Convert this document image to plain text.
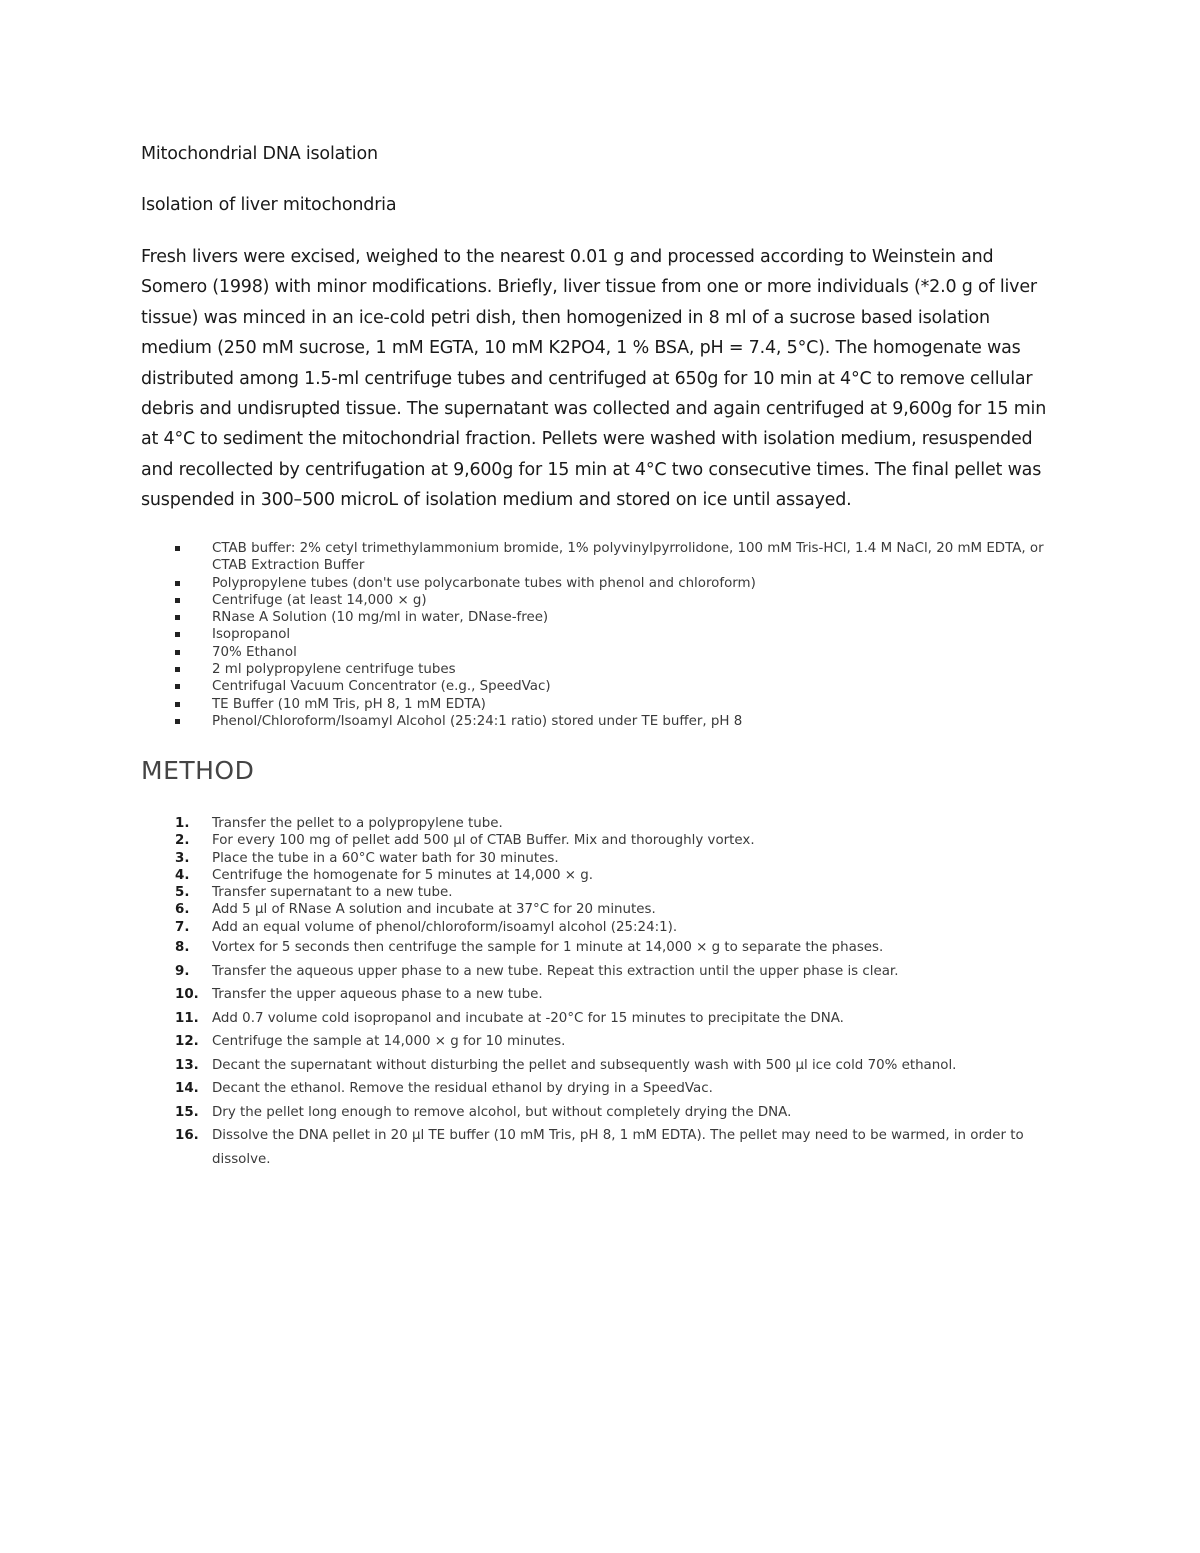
Mitochondrial DNA isolation

Isolation of liver mitochondria

Fresh livers were excised, weighed to the nearest 0.01 g and processed according to Weinstein and Somero (1998) with minor modifications. Briefly, liver tissue from one or more individuals (*2.0 g of liver tissue) was minced in an ice-cold petri dish, then homogenized in 8 ml of a sucrose based isolation medium (250 mM sucrose, 1 mM EGTA, 10 mM K2PO4, 1 % BSA, pH = 7.4, 5°C). The homogenate was distributed among 1.5-ml centrifuge tubes and centrifuged at 650g for 10 min at 4°C to remove cellular debris and undisrupted tissue. The supernatant was collected and again centrifuged at 9,600g for 15 min at 4°C to sediment the mitochondrial fraction. Pellets were washed with isolation medium, resuspended and recollected by centrifugation at 9,600g for 15 min at 4°C two consecutive times. The final pellet was suspended in 300–500 microL of isolation medium and stored on ice until assayed.

CTAB buffer: 2% cetyl trimethylammonium bromide, 1% polyvinylpyrrolidone, 100 mM Tris-HCl, 1.4 M NaCl, 20 mM EDTA, or CTAB Extraction Buffer
Polypropylene tubes (don't use polycarbonate tubes with phenol and chloroform)
Centrifuge (at least 14,000 × g)
RNase A Solution (10 mg/ml in water, DNase-free)
Isopropanol
70% Ethanol
2 ml polypropylene centrifuge tubes
Centrifugal Vacuum Concentrator (e.g., SpeedVac)
TE Buffer (10 mM Tris, pH 8, 1 mM EDTA)
Phenol/Chloroform/Isoamyl Alcohol (25:24:1 ratio) stored under TE buffer, pH 8
METHOD
1. Transfer the pellet to a polypropylene tube.
2. For every 100 mg of pellet add 500 µl of CTAB Buffer. Mix and thoroughly vortex.
3. Place the tube in a 60°C water bath for 30 minutes.
4. Centrifuge the homogenate for 5 minutes at 14,000 × g.
5. Transfer supernatant to a new tube.
6. Add 5 µl of RNase A solution and incubate at 37°C for 20 minutes.
7. Add an equal volume of phenol/chloroform/isoamyl alcohol (25:24:1).
8. Vortex for 5 seconds then centrifuge the sample for 1 minute at 14,000 × g to separate the phases.
9. Transfer the aqueous upper phase to a new tube. Repeat this extraction until the upper phase is clear.
10. Transfer the upper aqueous phase to a new tube.
11. Add 0.7 volume cold isopropanol and incubate at -20°C for 15 minutes to precipitate the DNA.
12. Centrifuge the sample at 14,000 × g for 10 minutes.
13. Decant the supernatant without disturbing the pellet and subsequently wash with 500 µl ice cold 70% ethanol.
14. Decant the ethanol. Remove the residual ethanol by drying in a SpeedVac.
15. Dry the pellet long enough to remove alcohol, but without completely drying the DNA.
16. Dissolve the DNA pellet in 20 µl TE buffer (10 mM Tris, pH 8, 1 mM EDTA). The pellet may need to be warmed, in order to dissolve.
